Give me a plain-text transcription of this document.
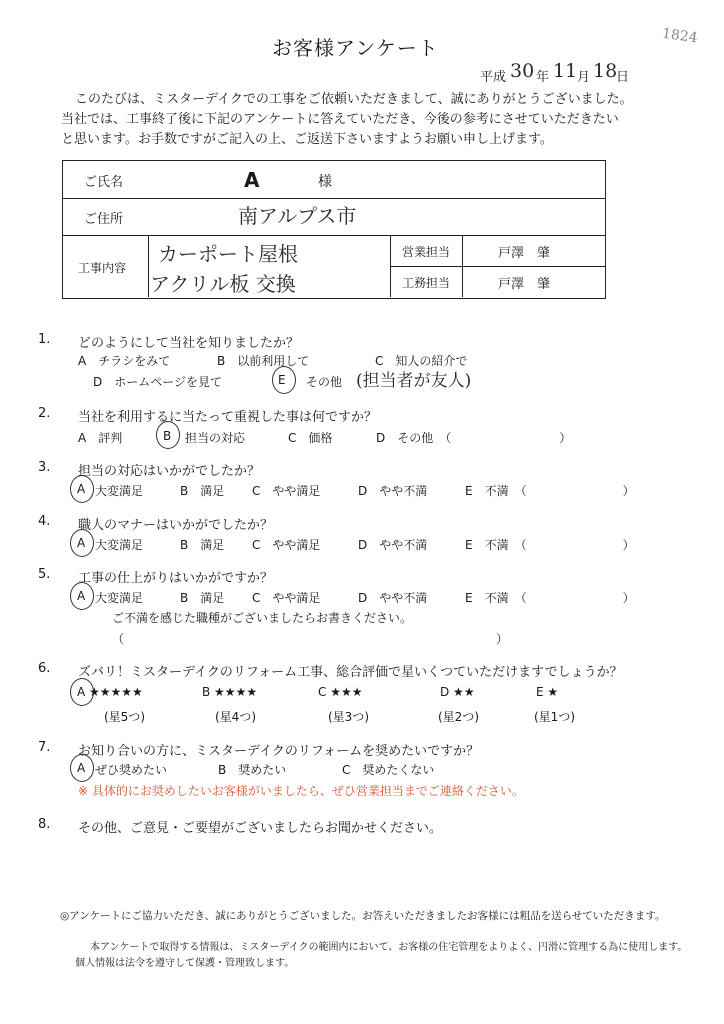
お客様アンケート	1824
平成 30 年 11 月 18
日
このたびは、ミスターデイクでの工事をご依頼いただきまして、誠にありがとうございました。
当社では、工事終了後に下記のアンケートに答えていただき、今後の参考にさせていただきたい
と思います。お手数ですがご記入の上、ご返送下さいますようお願い申し上げます。
ご氏名	A	様
ご住所	南アルプス市
工事内容
カーポート屋根
アクリル板 交換
営業担当	戸澤　肇
工務担当	戸澤　肇
1. どのようにして当社を知りましたか？
A　チラシをみて	B　以前利用して	C　知人の紹介で
D　ホームページを見て	E その他 (担当者が友人)
2. 当社を利用するに当たって重視した事は何ですか？
A　評判	B 担当の対応	C　価格	D　その他　（　　　　　　　　　）
3. 担当の対応はいかがでしたか？
A 大変満足	B　満足 C　やや満足	D　やや不満	E　不満　（　　　　　　　　）
4. 職人のマナーはいかがでしたか？
A 大変満足	B　満足 C　やや満足	D　やや不満	E　不満　（　　　　　　　　）
5. 工事の仕上がりはいかがですか？
A 大変満足	B　満足 C　やや満足	D　やや不満	E　不満　（　　　　　　　　）
ご不満を感じた職種がございましたらお書きください。
（　　　　　　　　　　　　　　　　　　　　　　　　　　　　　　　）
6. ズバリ！ミスターデイクのリフォーム工事、総合評価で星いくつていただけますでしょうか？
A ★★★★★	B ★★★★	C ★★★	D ★★	E ★
(星5つ)	(星4つ)	(星3つ)	(星2つ)	(星1つ)
7. お知り合いの方に、ミスターデイクのリフォームを奨めたいですか？
A ぜひ奨めたい	B　奨めたい	C　奨めたくない
※ 具体的にお奨めしたいお客様がいましたら、ぜひ営業担当までご連絡ください。
8. その他、ご意見・ご要望がございましたらお聞かせください。
◎アンケートにご協力いただき、誠にありがとうございました。お答えいただきましたお客様には粗品を送らせていただきます。
本アンケートで取得する情報は、ミスターデイクの範囲内において、お客様の住宅管理をよりよく、円滑に管理する為に使用します。
個人情報は法令を遵守して保護・管理致します。
